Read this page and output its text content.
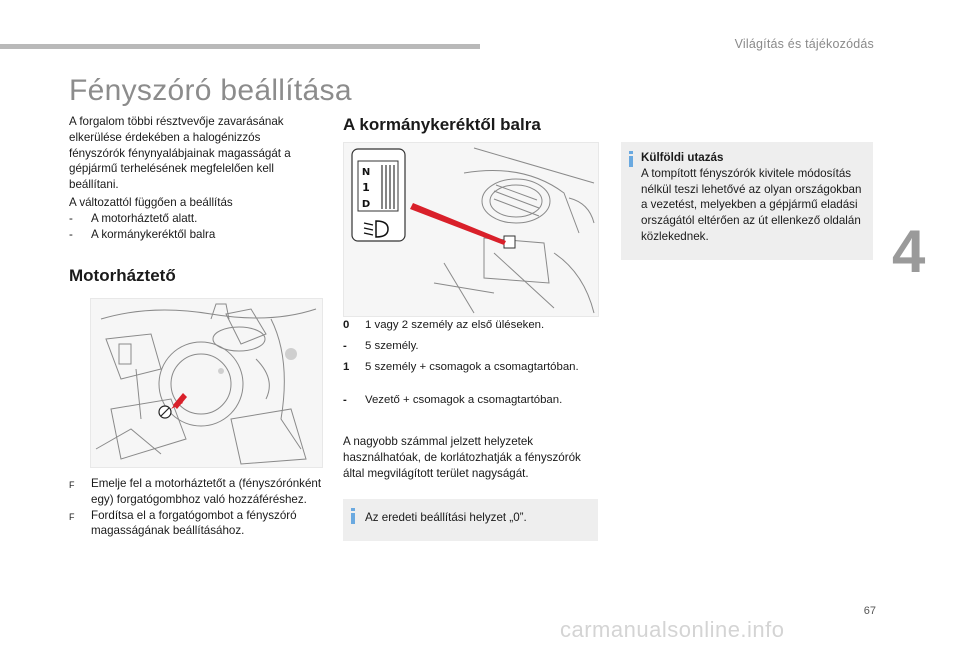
Világítás és tájékozódás
4
67
Fényszóró beállítása
A forgalom többi résztvevője zavarásának elkerülése érdekében a halogénizzós fényszórók fénynyalábjainak magasságát a gépjármű terhelésének megfelelően kell beállítani.
A változattól függően a beállítás
-	A motorháztető alatt.
-	A kormánykeréktől balra
Motorháztető
F	Emelje fel a motorháztetőt a (fényszórónként egy) forgatógombhoz való hozzáféréshez.
F	Fordítsa el a forgatógombot a fényszóró magasságának beállításához.
A kormánykeréktől balra
N
1
D
0	1 vagy 2 személy az első üléseken.
-	5 személy.
1	5 személy + csomagok a csomagtartóban.
-	Vezető + csomagok a csomagtartóban.
A nagyobb számmal jelzett helyzetek használhatóak, de korlátozhatják a fényszórók által megvilágított terület nagyságát.
Az eredeti beállítási helyzet „0”.
Külföldi utazás
A tompított fényszórók kivitele módosítás nélkül teszi lehetővé az olyan országokban a vezetést, melyekben a gépjármű eladási országától eltérően az út ellenkező oldalán közlekednek.
carmanualsonline.info
